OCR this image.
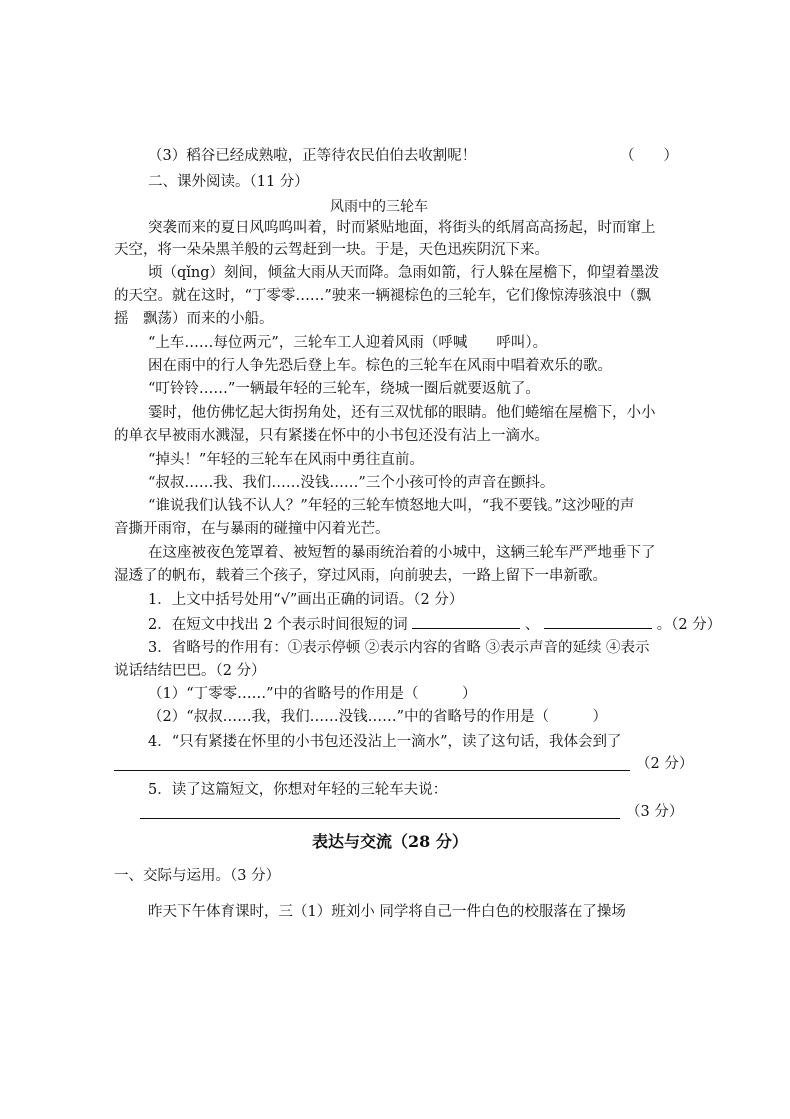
（3）稻谷已经成熟啦，正等待农民伯伯去收割呢！	（　　）
二、课外阅读。（11 分）
风雨中的三轮车
突袭而来的夏日风呜呜叫着，时而紧贴地面，将街头的纸屑高高扬起，时而窜上
天空，将一朵朵黑羊般的云驾赶到一块。于是，天色迅疾阴沉下来。
顷（qǐng）刻间，倾盆大雨从天而降。急雨如箭，行人躲在屋檐下，仰望着墨泼
的天空。就在这时，“丁零零……”驶来一辆褪棕色的三轮车，它们像惊涛骇浪中（飘
摇　飘荡）而来的小船。
“上车……每位两元”，三轮车工人迎着风雨（呼喊　　呼叫）。
困在雨中的行人争先恐后登上车。棕色的三轮车在风雨中唱着欢乐的歌。
“叮铃铃……”一辆最年轻的三轮车，绕城一圈后就要返航了。
霎时，他仿佛忆起大街拐角处，还有三双忧郁的眼睛。他们蜷缩在屋檐下，小小
的单衣早被雨水溅湿，只有紧搂在怀中的小书包还没有沾上一滴水。
“掉头！”年轻的三轮车在风雨中勇往直前。
“叔叔……我、我们……没钱……”三个小孩可怜的声音在颤抖。
“谁说我们认钱不认人？”年轻的三轮车愤怒地大叫，“我不要钱。”这沙哑的声
音撕开雨帘，在与暴雨的碰撞中闪着光芒。
在这座被夜色笼罩着、被短暂的暴雨统治着的小城中，这辆三轮车严严地垂下了
湿透了的帆布，载着三个孩子，穿过风雨，向前驶去，一路上留下一串新歌。
1．上文中括号处用“√”画出正确的词语。（2 分）
2．在短文中找出 2 个表示时间很短的词	、	。（2 分）
3．省略号的作用有：①表示停顿 ②表示内容的省略 ③表示声音的延续 ④表示
说话结结巴巴。（2 分）
（1）“丁零零……”中的省略号的作用是（　　　）
（2）“叔叔……我，我们……没钱……”中的省略号的作用是（　　　）
4．“只有紧搂在怀里的小书包还没沾上一滴水”，读了这句话，我体会到了
（2 分）
5．读了这篇短文，你想对年轻的三轮车夫说：
（3 分）
表达与交流（28 分）
一、交际与运用。（3 分）
昨天下午体育课时，三（1）班刘小 同学将自己一件白色的校服落在了操场
